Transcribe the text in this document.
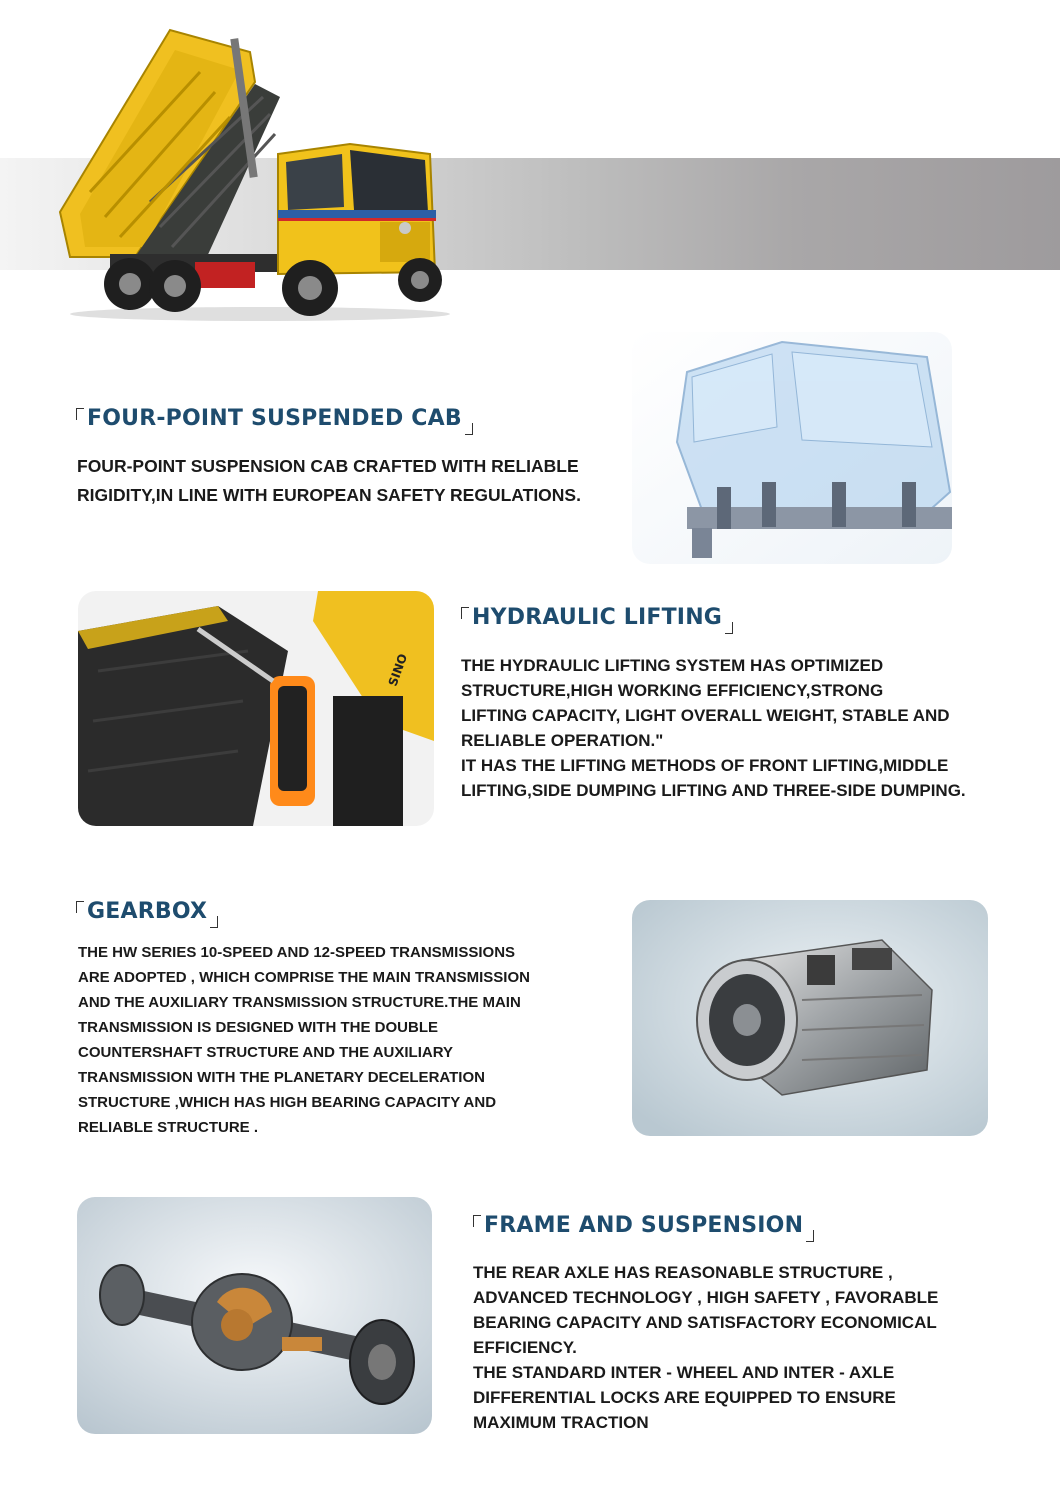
FOUR-POINT SUSPENDED CAB
FOUR-POINT SUSPENSION CAB CRAFTED WITH RELIABLE
RIGIDITY,IN LINE WITH EUROPEAN SAFETY REGULATIONS.
SINO
HYDRAULIC LIFTING
THE HYDRAULIC LIFTING SYSTEM HAS OPTIMIZED
STRUCTURE,HIGH WORKING EFFICIENCY,STRONG
LIFTING CAPACITY, LIGHT OVERALL WEIGHT, STABLE AND
RELIABLE OPERATION."
IT HAS THE LIFTING METHODS OF FRONT LIFTING,MIDDLE
LIFTING,SIDE DUMPING LIFTING AND THREE-SIDE DUMPING.
GEARBOX
THE HW SERIES 10-SPEED AND 12-SPEED TRANSMISSIONS
ARE ADOPTED , WHICH COMPRISE THE MAIN TRANSMISSION
AND THE AUXILIARY TRANSMISSION STRUCTURE.THE MAIN
TRANSMISSION IS DESIGNED WITH THE DOUBLE
COUNTERSHAFT STRUCTURE AND THE AUXILIARY
TRANSMISSION WITH THE PLANETARY DECELERATION
STRUCTURE ,WHICH HAS HIGH BEARING CAPACITY AND
RELIABLE STRUCTURE .
FRAME AND SUSPENSION
THE REAR AXLE HAS REASONABLE STRUCTURE ,
ADVANCED TECHNOLOGY , HIGH SAFETY , FAVORABLE
BEARING CAPACITY AND SATISFACTORY ECONOMICAL
EFFICIENCY.
THE STANDARD INTER - WHEEL AND INTER - AXLE
DIFFERENTIAL LOCKS ARE EQUIPPED TO ENSURE
MAXIMUM TRACTION
